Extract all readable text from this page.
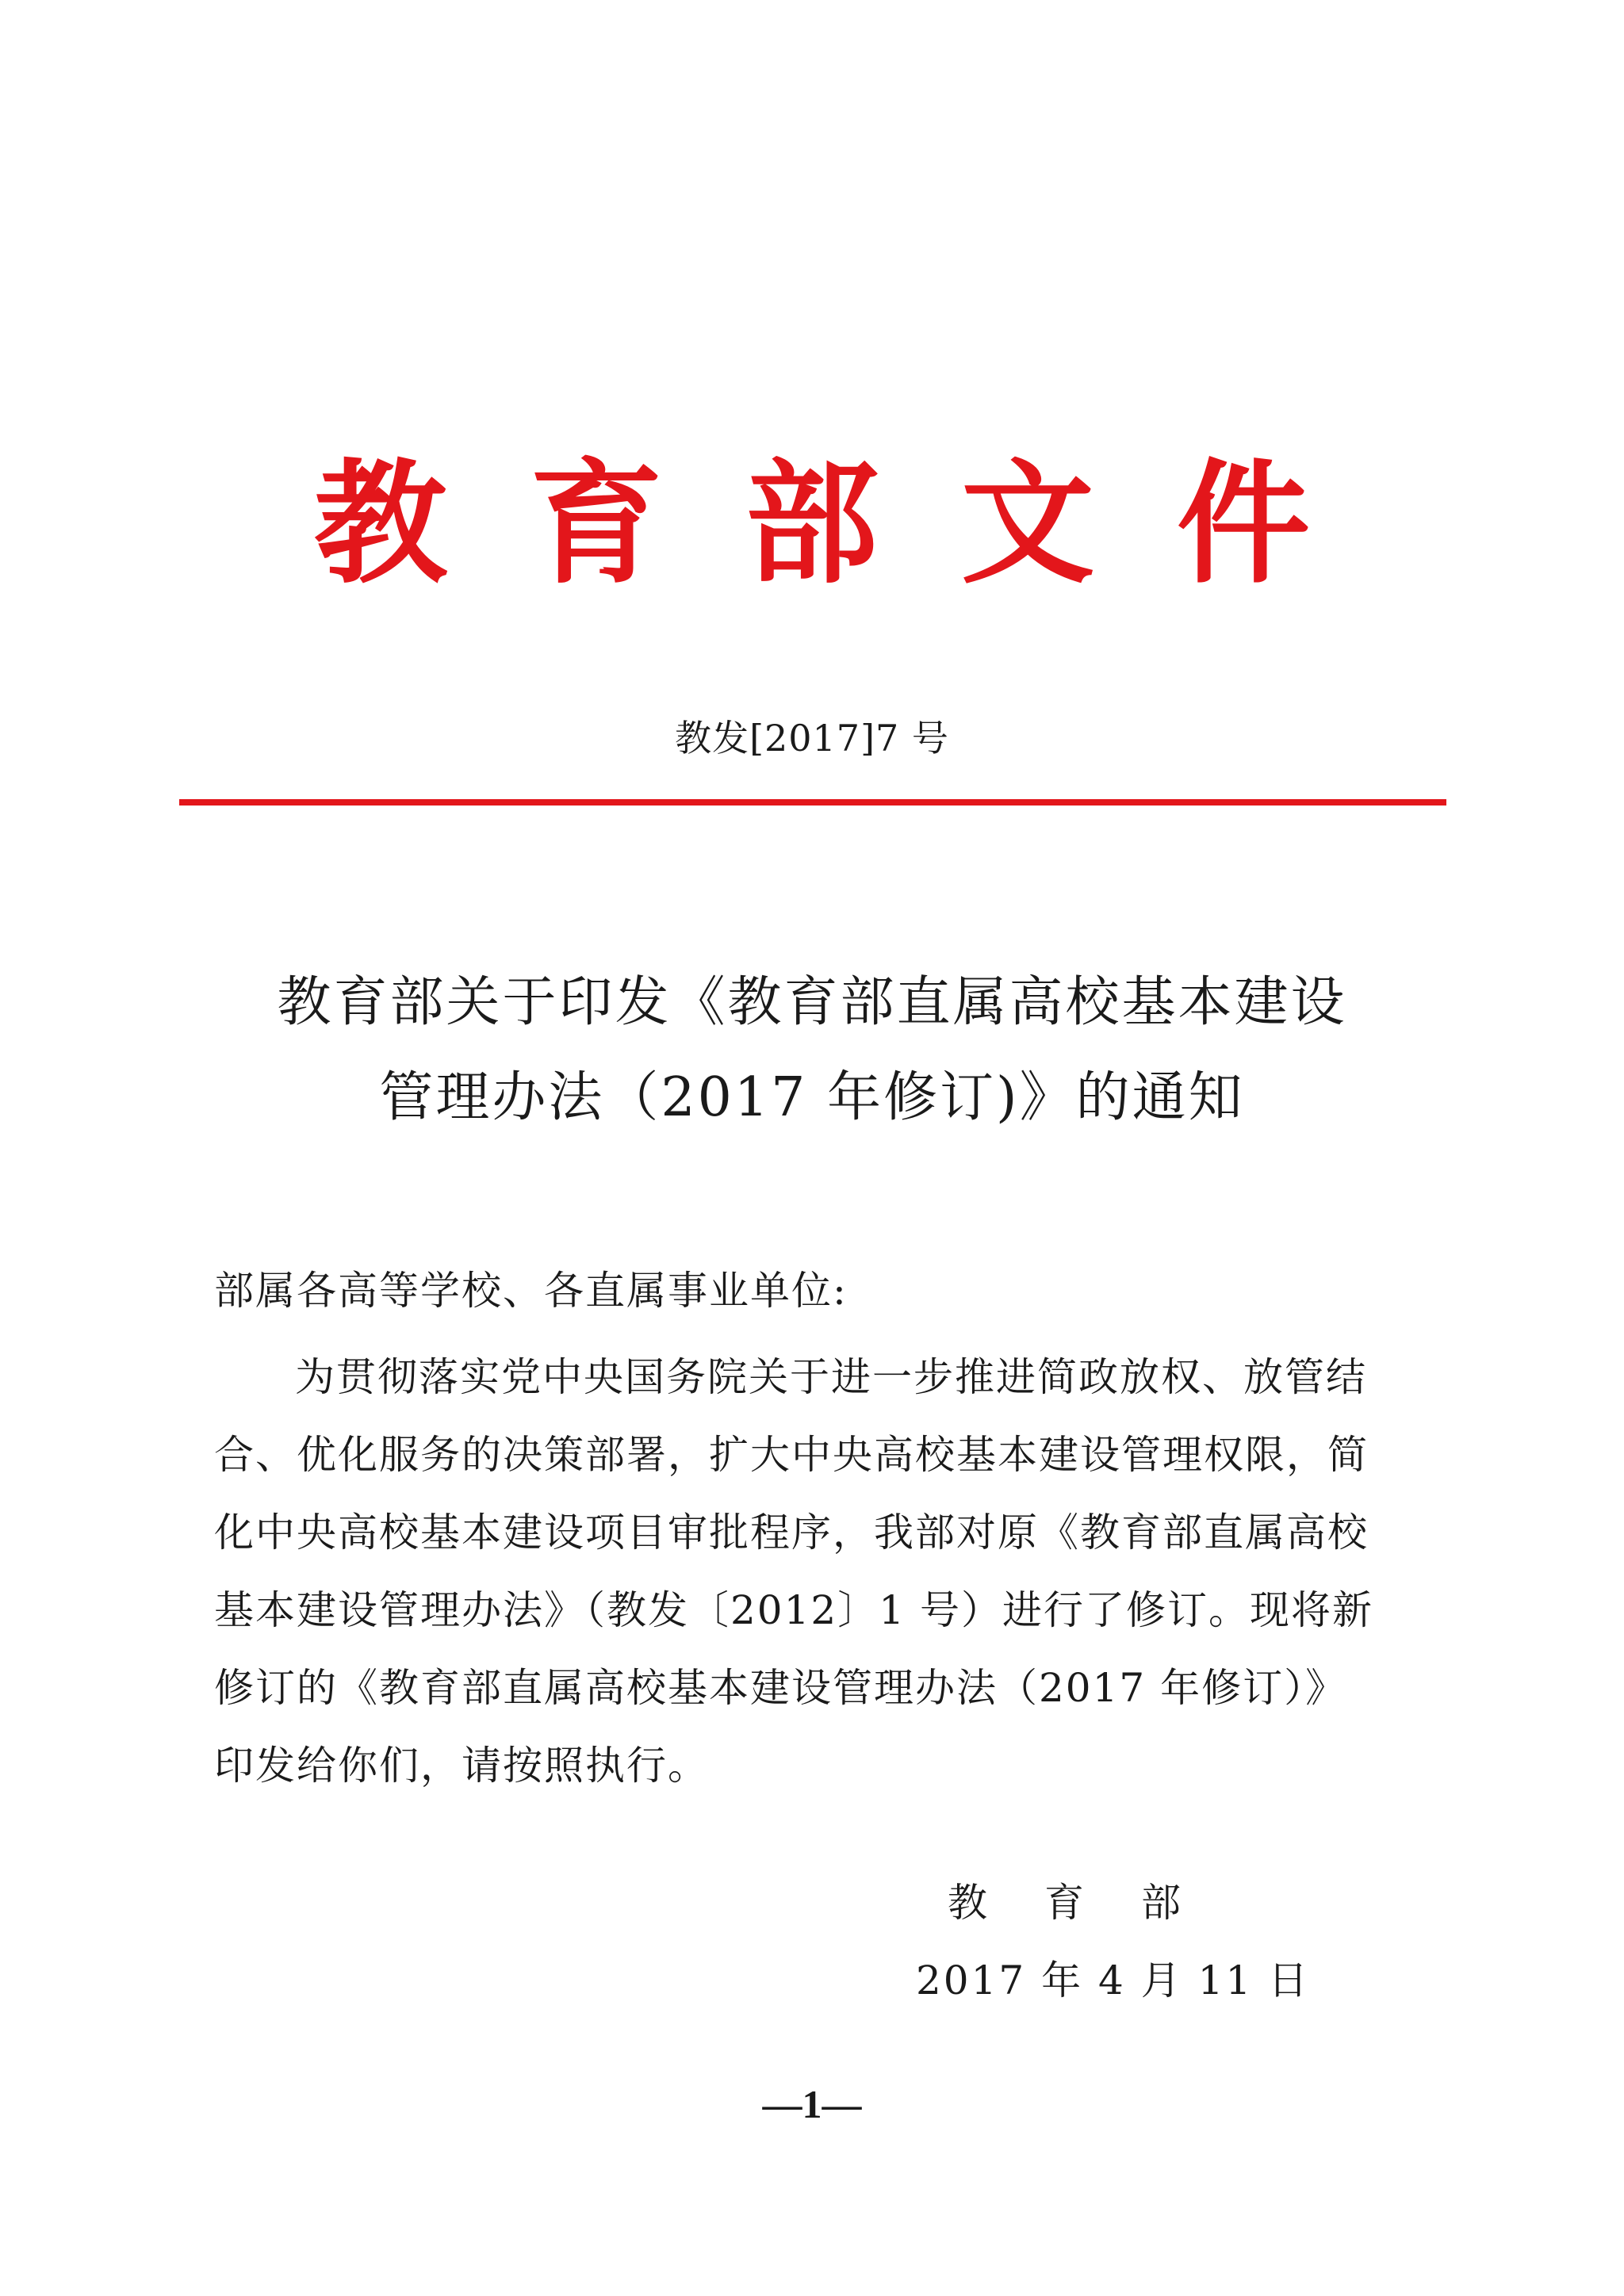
教 育 部 文 件
教发[2017]7 号
教育部关于印发《教育部直属高校基本建设
管理办法（2017 年修订)》的通知
部属各高等学校、各直属事业单位:
为贯彻落实党中央国务院关于进一步推进简政放权、放管结
合、优化服务的决策部署，扩大中央高校基本建设管理权限，简
化中央高校基本建设项目审批程序，我部对原《教育部直属高校
基本建设管理办法》（教发〔2012〕1 号）进行了修订。现将新
修订的《教育部直属高校基本建设管理办法（2017 年修订）》
印发给你们，请按照执行。
教 育 部
2017 年 4 月 11 日
—1—
